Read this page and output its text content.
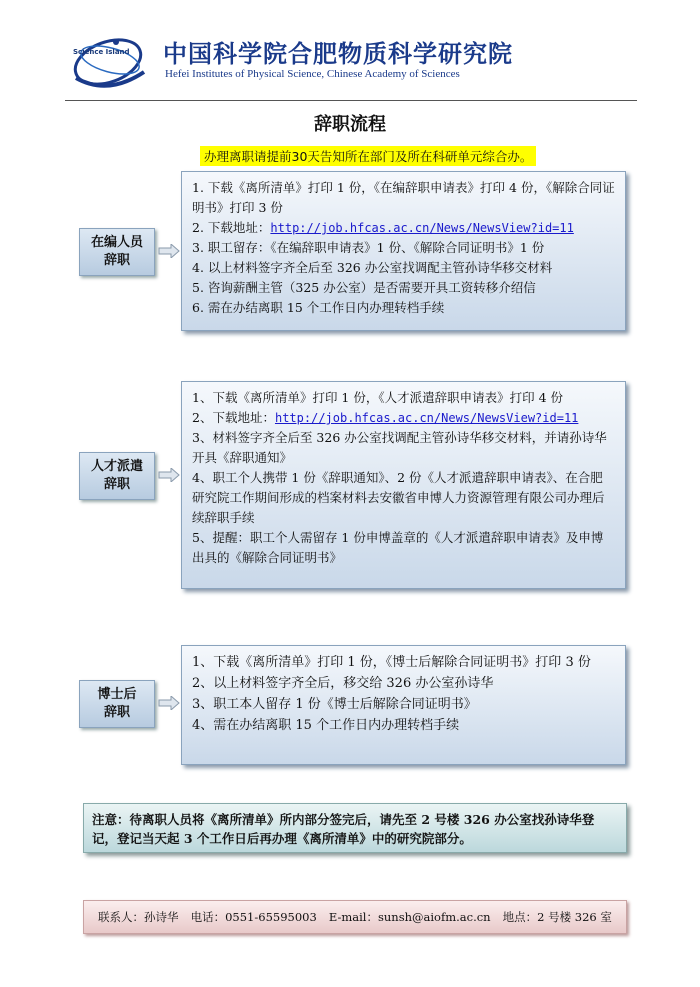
Science Island 中国科学院合肥物质科学研究院
Hefei Institutes of Physical Science, Chinese Academy of Sciences
辞职流程
办理离职请提前30天告知所在部门及所在科研单元综合办。
在编人员
辞职

1. 下载《离所清单》打印 1 份，《在编辞职申请表》打印 4 份，《解除合同证明书》打印 3 份

2. 下载地址：http://job.hfcas.ac.cn/News/NewsView?id=11

3. 职工留存：《在编辞职申请表》1 份、《解除合同证明书》1 份

4. 以上材料签字齐全后至 326 办公室找调配主管孙诗华移交材料

5. 咨询薪酬主管（325 办公室）是否需要开具工资转移介绍信

6. 需在办结离职 15 个工作日内办理转档手续

人才派遣
辞职

1、下载《离所清单》打印 1 份，《人才派遣辞职申请表》打印 4 份

2、下载地址：http://job.hfcas.ac.cn/News/NewsView?id=11

3、材料签字齐全后至 326 办公室找调配主管孙诗华移交材料，并请孙诗华开具《辞职通知》

4、职工个人携带 1 份《辞职通知》、2 份《人才派遣辞职申请表》、在合肥研究院工作期间形成的档案材料去安徽省申博人力资源管理有限公司办理后续辞职手续

5、提醒：职工个人需留存 1 份申博盖章的《人才派遣辞职申请表》及申博出具的《解除合同证明书》

博士后
辞职

1、下载《离所清单》打印 1 份，《博士后解除合同证明书》打印 3 份

2、以上材料签字齐全后，移交给 326 办公室孙诗华

3、职工本人留存 1 份《博士后解除合同证明书》

4、需在办结离职 15 个工作日内办理转档手续

注意：待离职人员将《离所清单》所内部分签完后，请先至 2 号楼 326 办公室找孙诗华登记，登记当天起 3 个工作日后再办理《离所清单》中的研究院部分。
联系人：孙诗华 电话：0551-65595003 E-mail：sunsh@aiofm.ac.cn 地点：2 号楼 326 室
